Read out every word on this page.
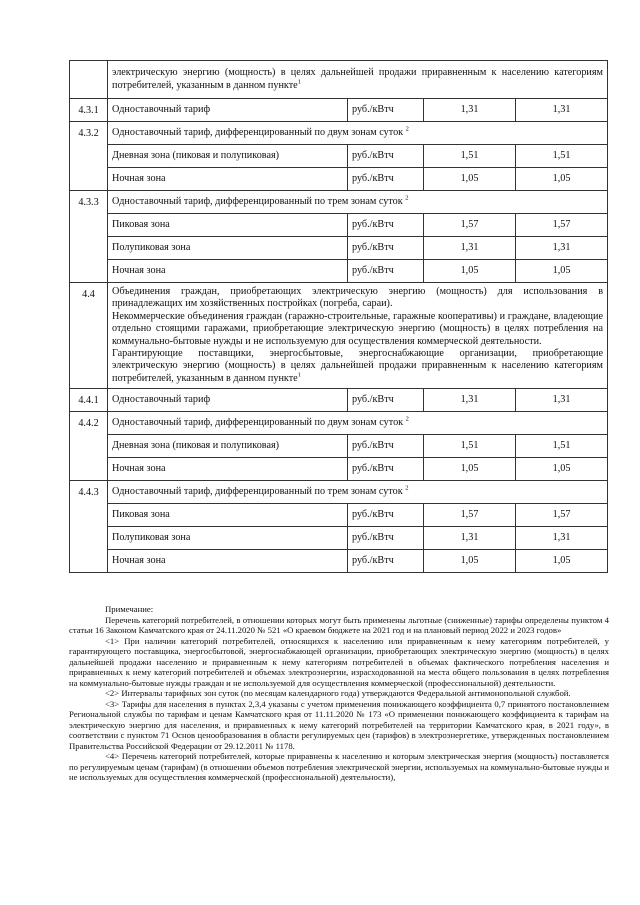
	электрическую энергию (мощность) в целях дальнейшей продажи приравненным к населению категориям потребителей, указанным в данном пункте$^1$
4.3.1	Одноставочный тариф	руб./кВтч	1,31	1,31
4.3.2	Одноставочный тариф, дифференцированный по двум зонам суток $^2$
	Дневная зона (пиковая и полупиковая)	руб./кВтч	1,51	1,51
	Ночная зона	руб./кВтч	1,05	1,05
4.3.3	Одноставочный тариф, дифференцированный по трем зонам суток $^2$
	Пиковая зона	руб./кВтч	1,57	1,57
	Полупиковая зона	руб./кВтч	1,31	1,31
	Ночная зона	руб./кВтч	1,05	1,05
4.4	Объединения граждан, приобретающих электрическую энергию (мощность) для использования в принадлежащих им хозяйственных постройках (погреба, сараи).

Некоммерческие объединения граждан (гаражно-строительные, гаражные кооперативы) и граждане, владеющие отдельно стоящими гаражами, приобретающие электрическую энергию (мощность) в целях потребления на коммунально-бытовые нужды и не используемую для осуществления коммерческой деятельности.

Гарантирующие поставщики, энергосбытовые, энергоснабжающие организации, приобретающие электрическую энергию (мощность) в целях дальнейшей продажи приравненным к населению категориям потребителей, указанным в данном пункте$^1$

4.4.1	Одноставочный тариф	руб./кВтч	1,31	1,31
4.4.2	Одноставочный тариф, дифференцированный по двум зонам суток $^2$
	Дневная зона (пиковая и полупиковая)	руб./кВтч	1,51	1,51
	Ночная зона	руб./кВтч	1,05	1,05
4.4.3	Одноставочный тариф, дифференцированный по трем зонам суток $^2$
	Пиковая зона	руб./кВтч	1,57	1,57
	Полупиковая зона	руб./кВтч	1,31	1,31
	Ночная зона	руб./кВтч	1,05	1,05

Примечание:

Перечень категорий потребителей, в отношении которых могут быть применены льготные (сниженные) тарифы определены пунктом 4 статьи 16 Законом Камчатского края от 24.11.2020 № 521 «О краевом бюджете на 2021 год и на плановый период 2022 и 2023 годов»

<1> При наличии категорий потребителей, относящихся к населению или приравненным к нему категориям потребителей, у гарантирующего поставщика, энергосбытовой, энергоснабжающей организации, приобретающих электрическую энергию (мощность) в целях дальнейшей продажи населению и приравненным к нему категориям потребителей в объемах фактического потребления населения и приравненных к нему категорий потребителей и объемах электроэнергии, израсходованной на места общего пользования в целях потребления на коммунально-бытовые нужды граждан и не используемой для осуществления коммерческой (профессиональной) деятельности.

<2> Интервалы тарифных зон суток (по месяцам календарного года) утверждаются Федеральной антимонопольной службой.

<3> Тарифы для населения в пунктах 2,3,4 указаны с учетом применения понижающего коэффициента 0,7 принятого постановлением Региональной службы по тарифам и ценам Камчатского края от 11.11.2020 № 173 «О применении понижающего коэффициента к тарифам на электрическую энергию для населения, и приравненных к нему категорий потребителей на территории Камчатского края, в 2021 году», в соответствии с пунктом 71 Основ ценообразования в области регулируемых цен (тарифов) в электроэнергетике, утвержденных постановлением Правительства Российской Федерации от 29.12.2011 № 1178.

<4> Перечень категорий потребителей, которые приравнены к населению и которым электрическая энергия (мощность) поставляется по регулируемым ценам (тарифам) (в отношении объемов потребления электрической энергии, используемых на коммунально-бытовые нужды и не используемых для осуществления коммерческой (профессиональной) деятельности),
